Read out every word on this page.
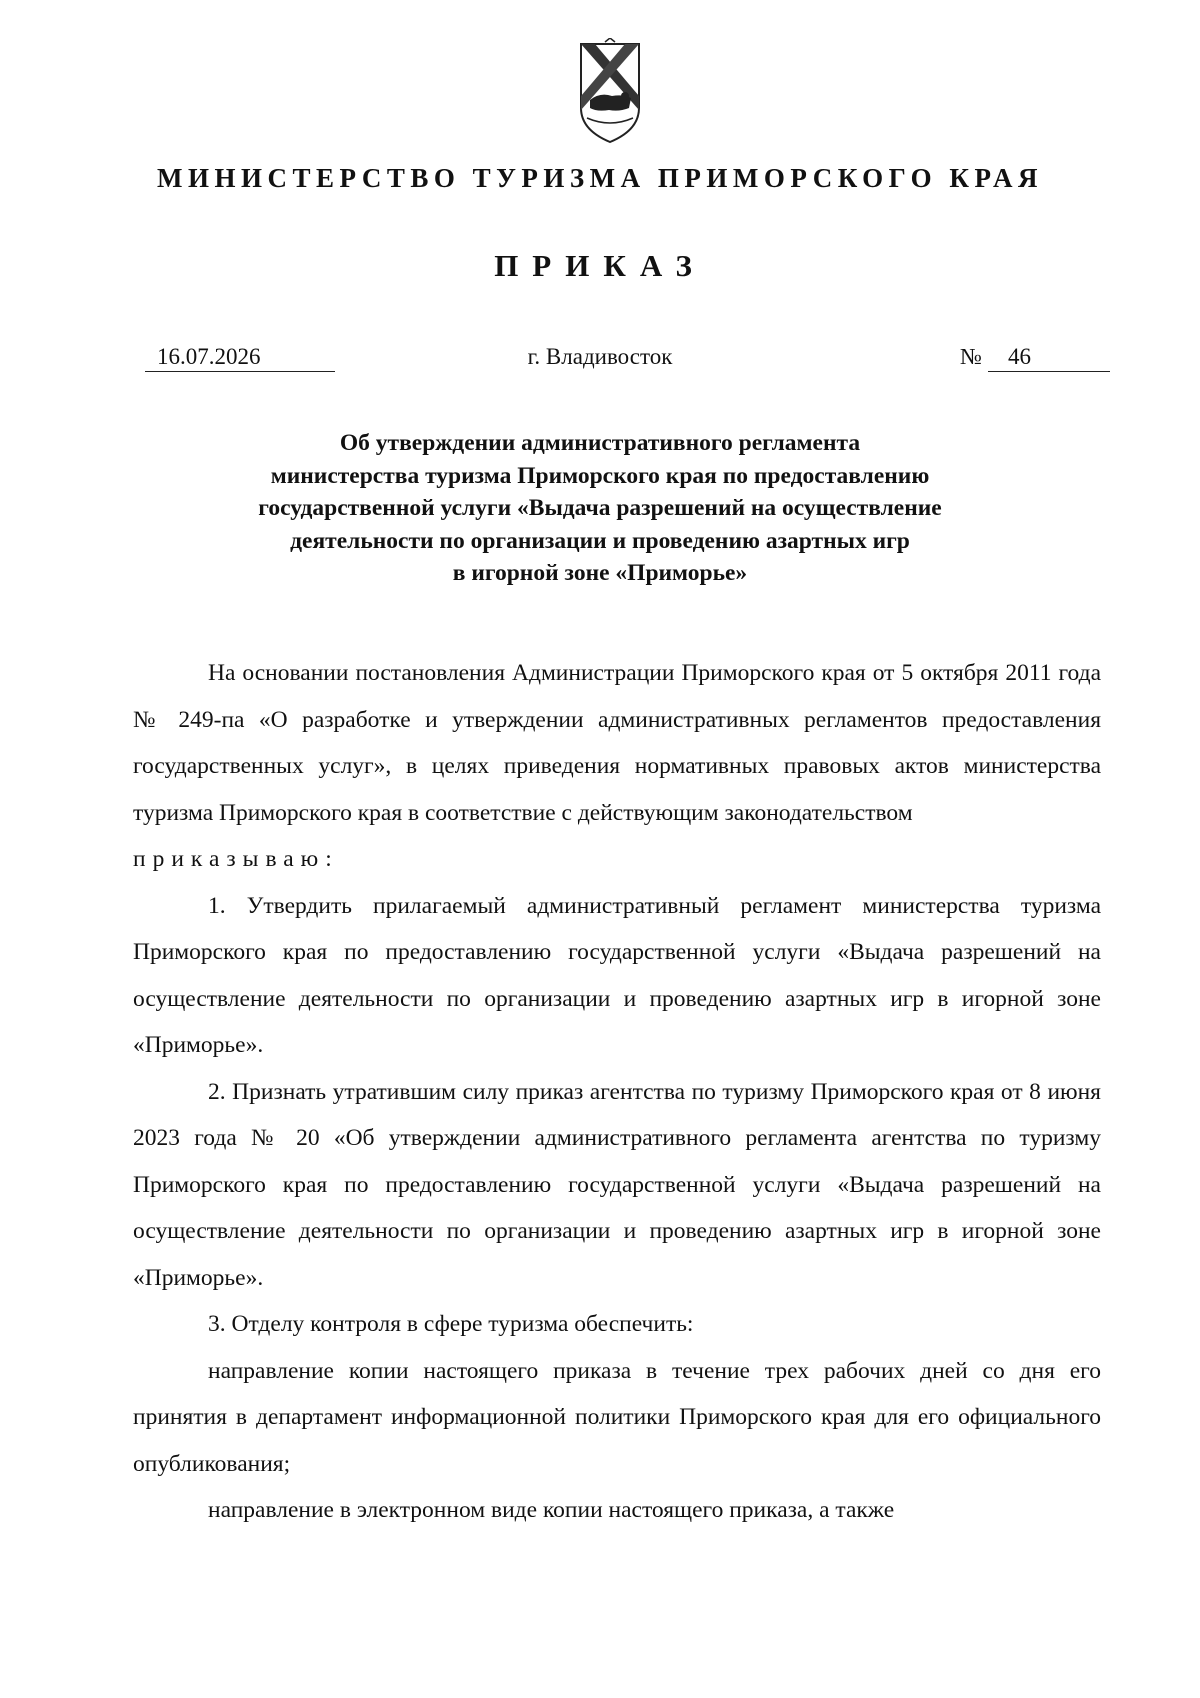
МИНИСТЕРСТВО ТУРИЗМА ПРИМОРСКОГО КРАЯ
ПРИКАЗ
16.07.2026	г. Владивосток	№ 46
Об утверждении административного регламента
министерства туризма Приморского края по предоставлению
государственной услуги «Выдача разрешений на осуществление
деятельности по организации и проведению азартных игр
в игорной зоне «Приморье»

На основании постановления Администрации Приморского края от 5 октября 2011 года № 249-па «О разработке и утверждении административных регламентов предоставления государственных услуг», в целях приведения нормативных правовых актов министерства туризма Приморского края в соответствие с действующим законодательством

приказываю:

1. Утвердить прилагаемый административный регламент министерства туризма Приморского края по предоставлению государственной услуги «Выдача разрешений на осуществление деятельности по организации и проведению азартных игр в игорной зоне «Приморье».

2. Признать утратившим силу приказ агентства по туризму Приморского края от 8 июня 2023 года № 20 «Об утверждении административного регламента агентства по туризму Приморского края по предоставлению государственной услуги «Выдача разрешений на осуществление деятельности по организации и проведению азартных игр в игорной зоне «Приморье».

3. Отделу контроля в сфере туризма обеспечить:

направление копии настоящего приказа в течение трех рабочих дней со дня его принятия в департамент информационной политики Приморского края для его официального опубликования;

направление в электронном виде копии настоящего приказа, а также
